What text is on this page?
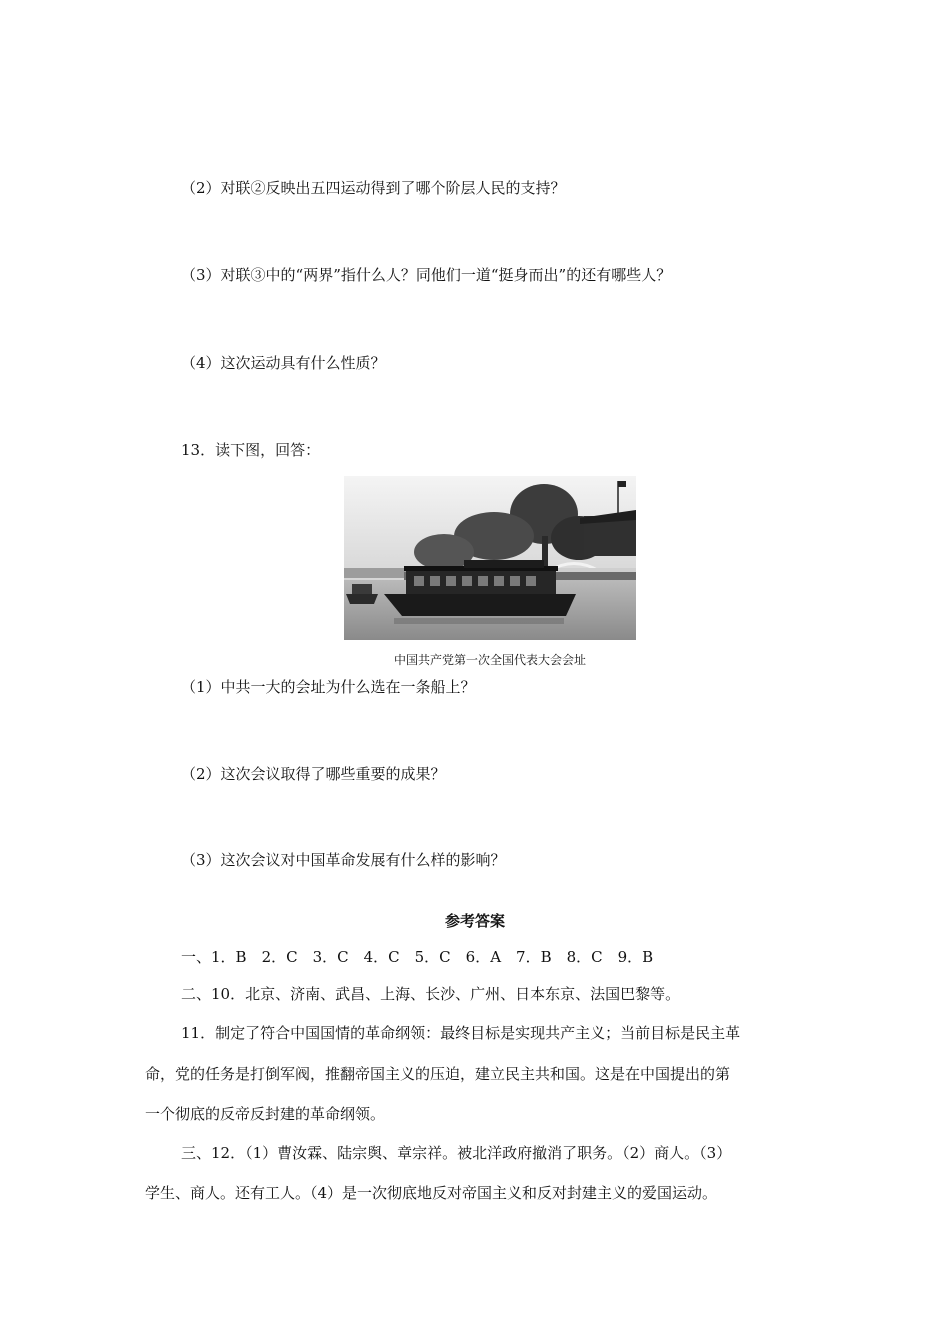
（2）对联②反映出五四运动得到了哪个阶层人民的支持？
（3）对联③中的“两界”指什么人？同他们一道“挺身而出”的还有哪些人？
（4）这次运动具有什么性质？
13．读下图，回答：
中国共产党第一次全国代表大会会址
（1）中共一大的会址为什么选在一条船上？
（2）这次会议取得了哪些重要的成果？
（3）这次会议对中国革命发展有什么样的影响？
参考答案
一、1．B　2．C　3．C　4．C　5．C　6．A　7．B　8．C　9．B
二、10．北京、济南、武昌、上海、长沙、广州、日本东京、法国巴黎等。
11．制定了符合中国国情的革命纲领：最终目标是实现共产主义；当前目标是民主革
命，党的任务是打倒军阀，推翻帝国主义的压迫，建立民主共和国。这是在中国提出的第
一个彻底的反帝反封建的革命纲领。
三、12．（1）曹汝霖、陆宗舆、章宗祥。被北洋政府撤消了职务。（2）商人。（3）
学生、商人。还有工人。（4）是一次彻底地反对帝国主义和反对封建主义的爱国运动。
